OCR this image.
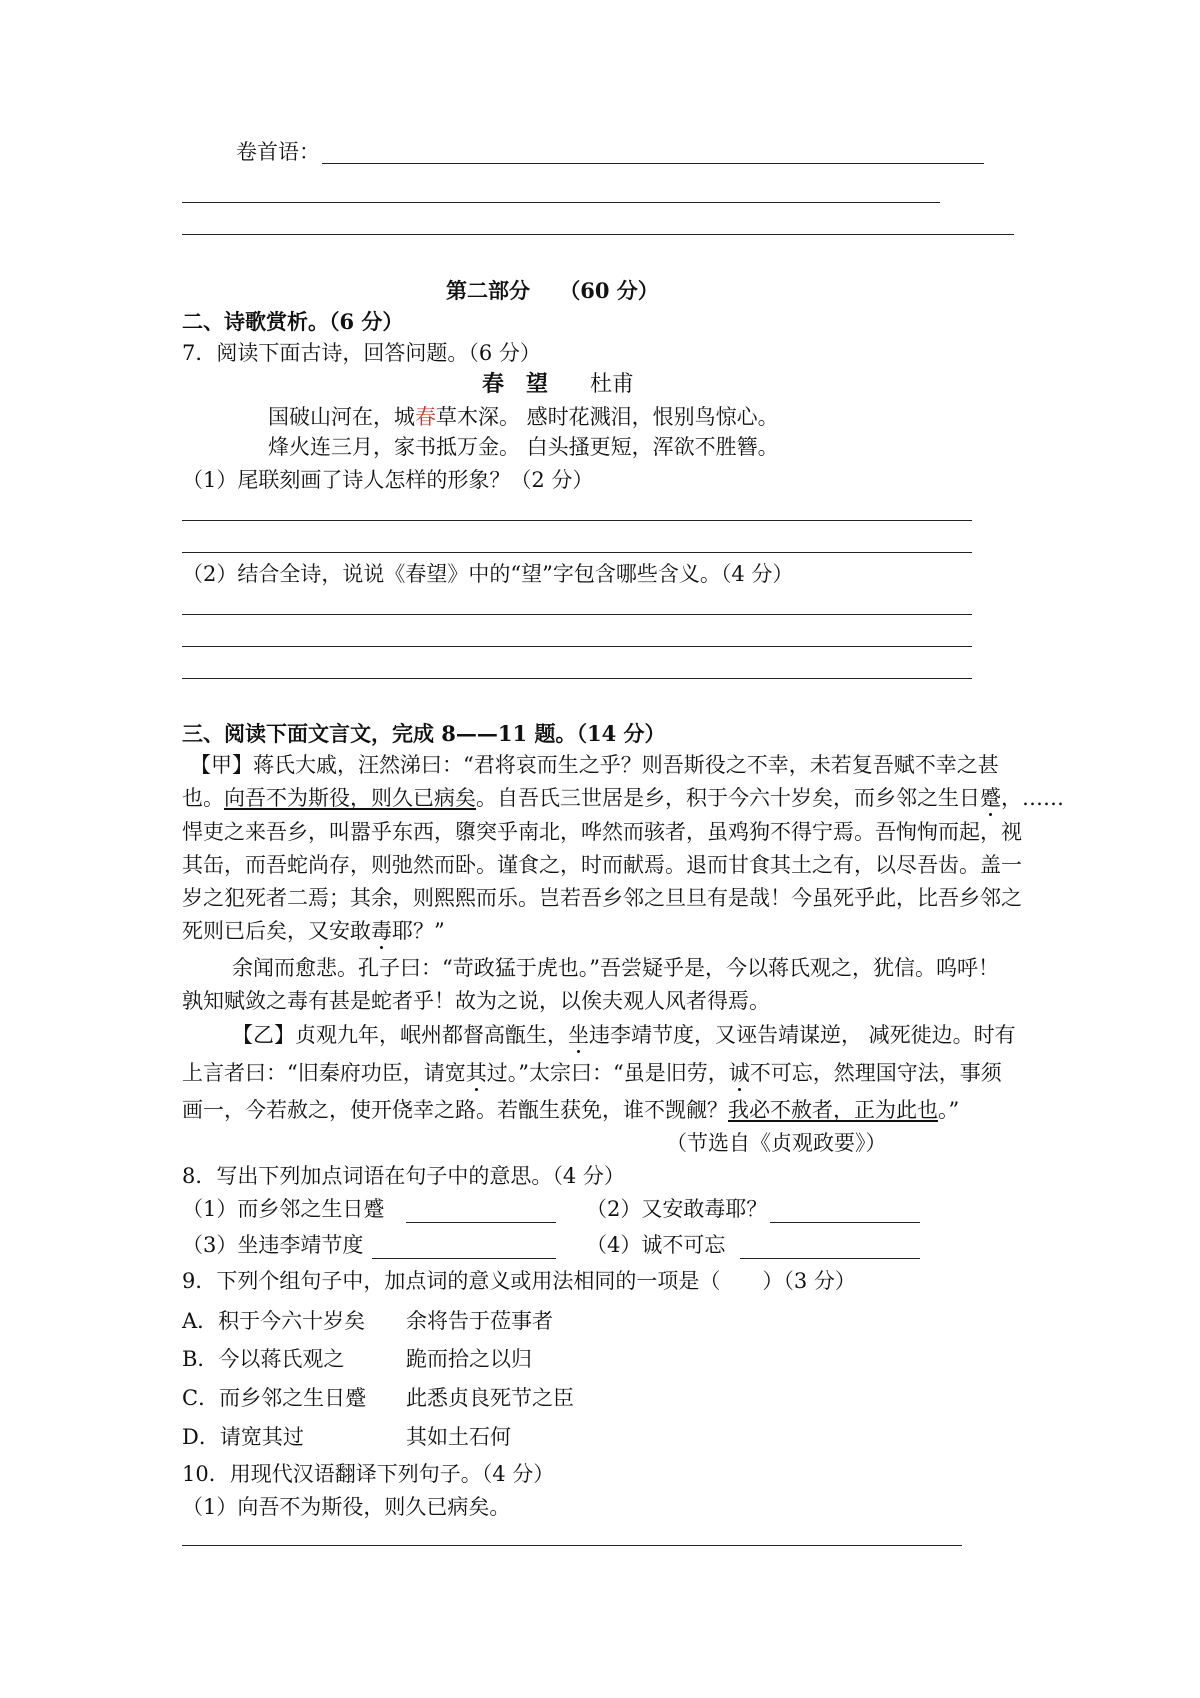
卷首语：
第二部分 （60 分）
二、诗歌赏析。（6 分）
7．阅读下面古诗，回答问题。（6 分）
春　望 杜甫
国破山河在，城春草木深。 感时花溅泪，恨别鸟惊心。
烽火连三月，家书抵万金。 白头搔更短，浑欲不胜簪。
（1）尾联刻画了诗人怎样的形象？（2 分）
（2）结合全诗，说说《春望》中的“望”字包含哪些含义。（4 分）
三、阅读下面文言文，完成 8——11 题。（14 分）
【甲】蒋氏大戚，汪然涕曰：“君将哀而生之乎？则吾斯役之不幸，未若复吾赋不幸之甚
也。向吾不为斯役，则久已病矣。自吾氏三世居是乡，积于今六十岁矣，而乡邻之生日蹙，……
悍吏之来吾乡，叫嚣乎东西，隳突乎南北，哗然而骇者，虽鸡狗不得宁焉。吾恂恂而起，视
其缶，而吾蛇尚存，则弛然而卧。谨食之，时而献焉。退而甘食其土之有，以尽吾齿。盖一
岁之犯死者二焉；其余，则熙熙而乐。岂若吾乡邻之旦旦有是哉！今虽死乎此，比吾乡邻之
死则已后矣，又安敢毒耶？”
余闻而愈悲。孔子曰：“苛政猛于虎也。”吾尝疑乎是，今以蒋氏观之，犹信。呜呼！
孰知赋敛之毒有甚是蛇者乎！故为之说，以俟夫观人风者得焉。
【乙】贞观九年，岷州都督高甑生，坐违李靖节度，又诬告靖谋逆， 减死徙边。时有
上言者曰：“旧秦府功臣，请宽其过。”太宗曰：“虽是旧劳，诚不可忘，然理国守法，事须
画一，今若赦之，使开侥幸之路。若甑生获免，谁不觊觎？我必不赦者，正为此也。”
（节选自《贞观政要》）
8．写出下列加点词语在句子中的意思。（4 分）
（1）而乡邻之生日蹙	（2）又安敢毒耶？
（3）坐违李靖节度	（4）诚不可忘
9．下列个组句子中，加点词的意义或用法相同的一项是（　　）（3 分）
A．积于今六十岁矣 余将告于莅事者
B．今以蒋氏观之	跪而拾之以归
C．而乡邻之生日蹙 此悉贞良死节之臣
D．请宽其过	其如土石何
10．用现代汉语翻译下列句子。（4 分）
（1）向吾不为斯役，则久已病矣。
